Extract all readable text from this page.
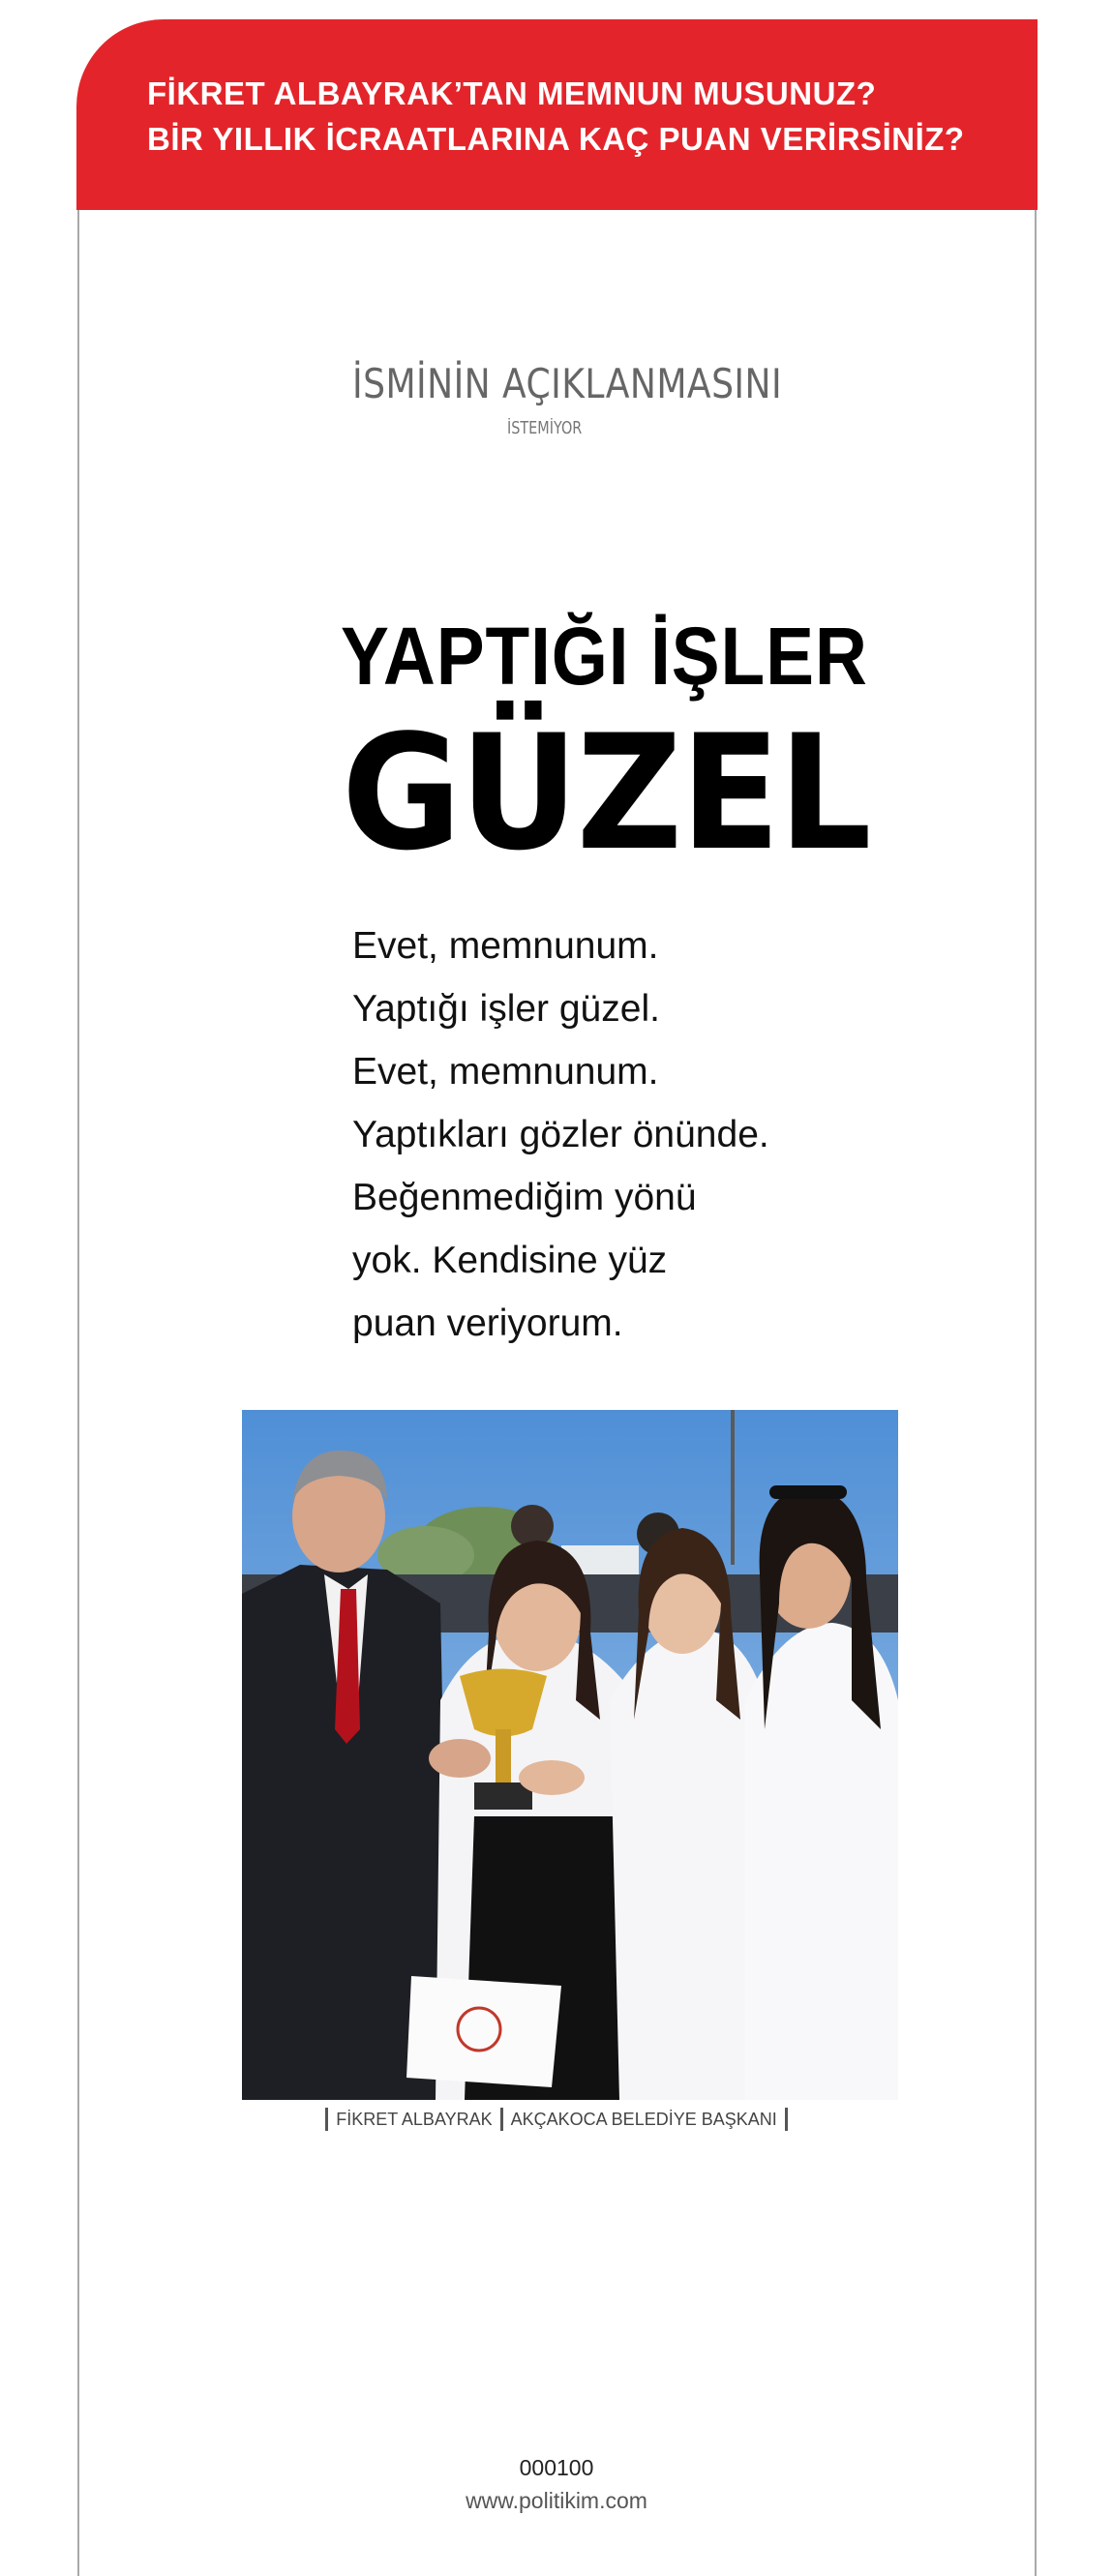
FİKRET ALBAYRAK’TAN MEMNUN MUSUNUZ?
BİR YILLIK İCRAATLARINA KAÇ PUAN VERİRSİNİZ?
İSMİNİN AÇIKLANMASINI
İSTEMİYOR
YAPTIĞI İŞLER
GÜZEL
Evet, memnunum.
Yaptığı işler güzel.
Evet, memnunum.
Yaptıkları gözler önünde.
Beğenmediğim yönü
yok. Kendisine yüz
puan veriyorum.
FİKRET ALBAYRAK AKÇAKOCA BELEDİYE BAŞKANI
000100
www.politikim.com
